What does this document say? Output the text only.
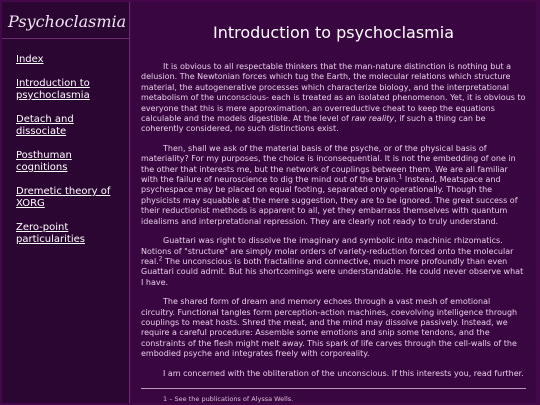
Psychoclasmia
Index
Introduction to psychoclasmia
Detach and dissociate
Posthuman cognitions
Dremetic theory of XORG
Zero-point particularities
Introduction to psychoclasmia

It is obvious to all respectable thinkers that the man-nature distinction is nothing but a delusion. The Newtonian forces which tug the Earth, the molecular relations which structure material, the autogenerative processes which characterize biology, and the interpretational metabolism of the unconscious- each is treated as an isolated phenomenon. Yet, it is obvious to everyone that this is mere approximation, an overreductive cheat to keep the equations calculable and the models digestible. At the level of raw reality, if such a thing can be coherently considered, no such distinctions exist.

Then, shall we ask of the material basis of the psyche, or of the physical basis of materiality? For my purposes, the choice is inconsequential. It is not the embedding of one in the other that interests me, but the network of couplings between them. We are all familiar with the failure of neuroscience to dig the mind out of the brain.$^1$ Instead, Meatspace and psychespace may be placed on equal footing, separated only operationally. Though the physicists may squabble at the mere suggestion, they are to be ignored. The great success of their reductionist methods is apparent to all, yet they embarrass themselves with quantum idealisms and interpretational repression. They are clearly not ready to truly understand.

Guattari was right to dissolve the imaginary and symbolic into machinic rhizomatics. Notions of "structure" are simply molar orders of variety-reduction forced onto the molecular real.$^2$ The unconscious is both fractalline and connective, much more profoundly than even Guattari could admit. But his shortcomings were understandable. He could never observe what I have.

The shared form of dream and memory echoes through a vast mesh of emotional circuitry. Functional tangles form perception-action machines, coevolving intelligence through couplings to meat hosts. Shred the meat, and the mind may dissolve passively. Instead, we require a careful procedure: Assemble some emotions and snip some tendons, and the constraints of the flesh might melt away. This spark of life carves through the cell-walls of the embodied psyche and integrates freely with corporeality.

I am concerned with the obliteration of the unconscious. If this interests you, read further.

1 – See the publications of Alyssa Wells.
